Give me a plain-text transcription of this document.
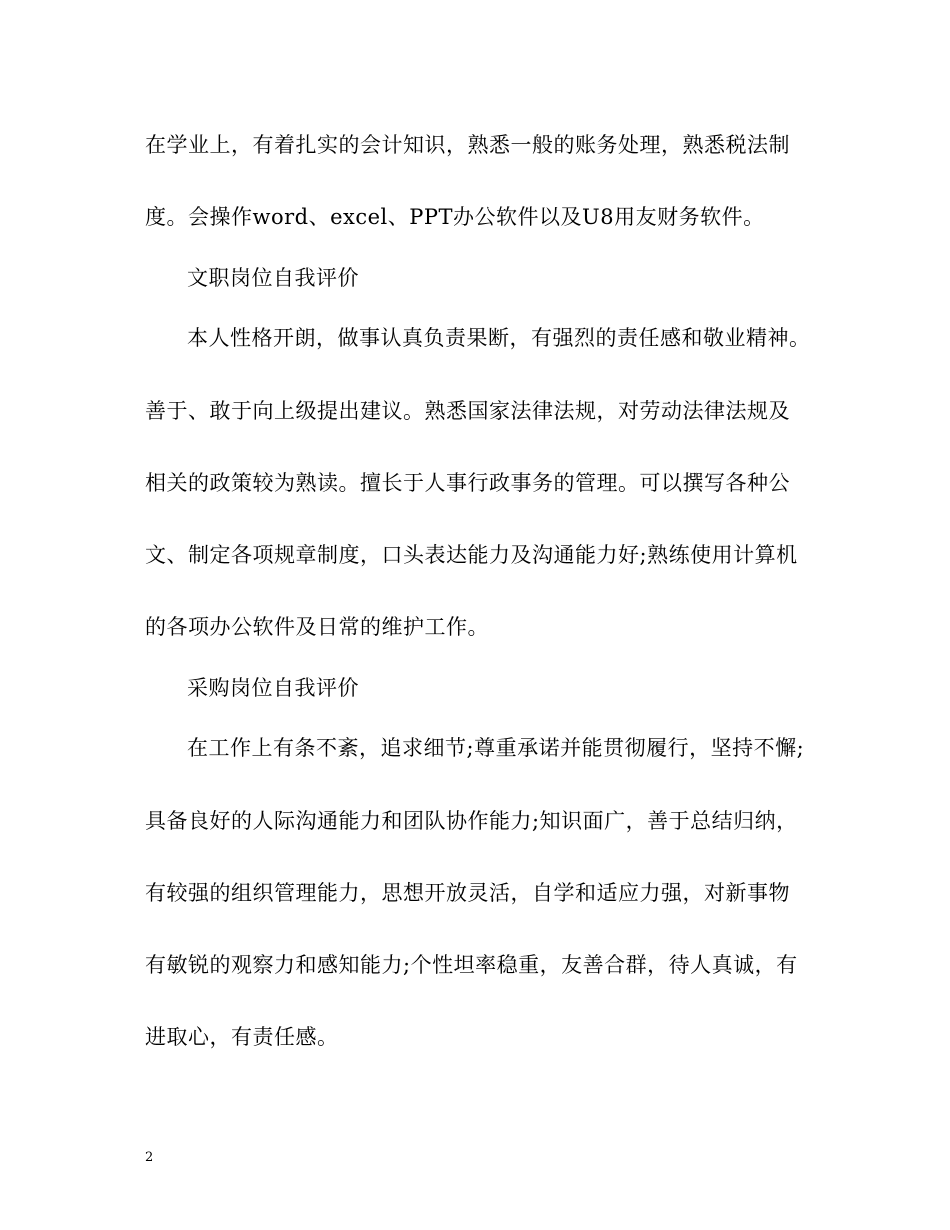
在学业上，有着扎实的会计知识，熟悉一般的账务处理，熟悉税法制
度。会操作word、excel、PPT办公软件以及U8用友财务软件。
文职岗位自我评价
本人性格开朗，做事认真负责果断，有强烈的责任感和敬业精神。
善于、敢于向上级提出建议。熟悉国家法律法规，对劳动法律法规及
相关的政策较为熟读。擅长于人事行政事务的管理。可以撰写各种公
文、制定各项规章制度，口头表达能力及沟通能力好;熟练使用计算机
的各项办公软件及日常的维护工作。
采购岗位自我评价
在工作上有条不紊，追求细节;尊重承诺并能贯彻履行，坚持不懈;
具备良好的人际沟通能力和团队协作能力;知识面广，善于总结归纳，
有较强的组织管理能力，思想开放灵活，自学和适应力强，对新事物
有敏锐的观察力和感知能力;个性坦率稳重，友善合群，待人真诚，有
进取心，有责任感。
2
